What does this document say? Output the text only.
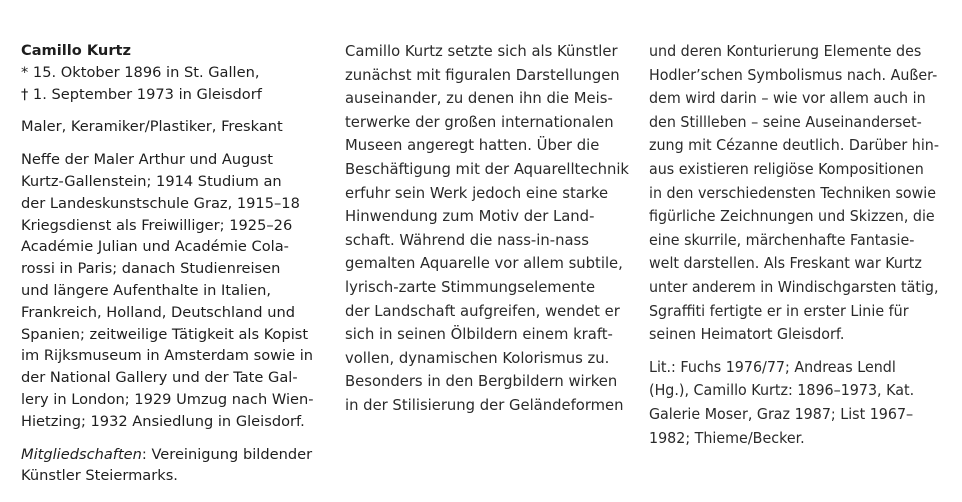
Camillo Kurtz
* 15. Oktober 1896 in St. Gallen,
† 1. September 1973 in Gleisdorf
Maler, Keramiker/Plastiker, Freskant
Neffe der Maler Arthur und August
Kurtz-Gallenstein; 1914 Studium an
der Landeskunstschule Graz, 1915–18
Kriegsdienst als Freiwilliger; 1925–26
Académie Julian und Académie Cola-
rossi in Paris; danach Studienreisen
und längere Aufenthalte in Italien,
Frankreich, Holland, Deutschland und
Spanien; zeitweilige Tätigkeit als Kopist
im Rijksmuseum in Amsterdam sowie in
der National Gallery und der Tate Gal-
lery in London; 1929 Umzug nach Wien-
Hietzing; 1932 Ansiedlung in Gleisdorf.
Mitgliedschaften: Vereinigung bildender
Künstler Steiermarks.
Camillo Kurtz setzte sich als Künstler
zunächst mit figuralen Darstellungen
auseinander, zu denen ihn die Meis-
terwerke der großen internationalen
Museen angeregt hatten. Über die
Beschäftigung mit der Aquarelltechnik
erfuhr sein Werk jedoch eine starke
Hinwendung zum Motiv der Land-
schaft. Während die nass-in-nass
gemalten Aquarelle vor allem subtile,
lyrisch-zarte Stimmungselemente
der Landschaft aufgreifen, wendet er
sich in seinen Ölbildern einem kraft-
vollen, dynamischen Kolorismus zu.
Besonders in den Bergbildern wirken
in der Stilisierung der Geländeformen
und deren Konturierung Elemente des
Hodler’schen Symbolismus nach. Außer-
dem wird darin – wie vor allem auch in
den Stillleben – seine Auseinanderset-
zung mit Cézanne deutlich. Darüber hin-
aus existieren religiöse Kompositionen
in den verschiedensten Techniken sowie
figürliche Zeichnungen und Skizzen, die
eine skurrile, märchenhafte Fantasie-
welt darstellen. Als Freskant war Kurtz
unter anderem in Windischgarsten tätig,
Sgraffiti fertigte er in erster Linie für
seinen Heimatort Gleisdorf.
Lit.: Fuchs 1976/77; Andreas Lendl
(Hg.), Camillo Kurtz: 1896–1973, Kat.
Galerie Moser, Graz 1987; List 1967–
1982; Thieme/Becker.
